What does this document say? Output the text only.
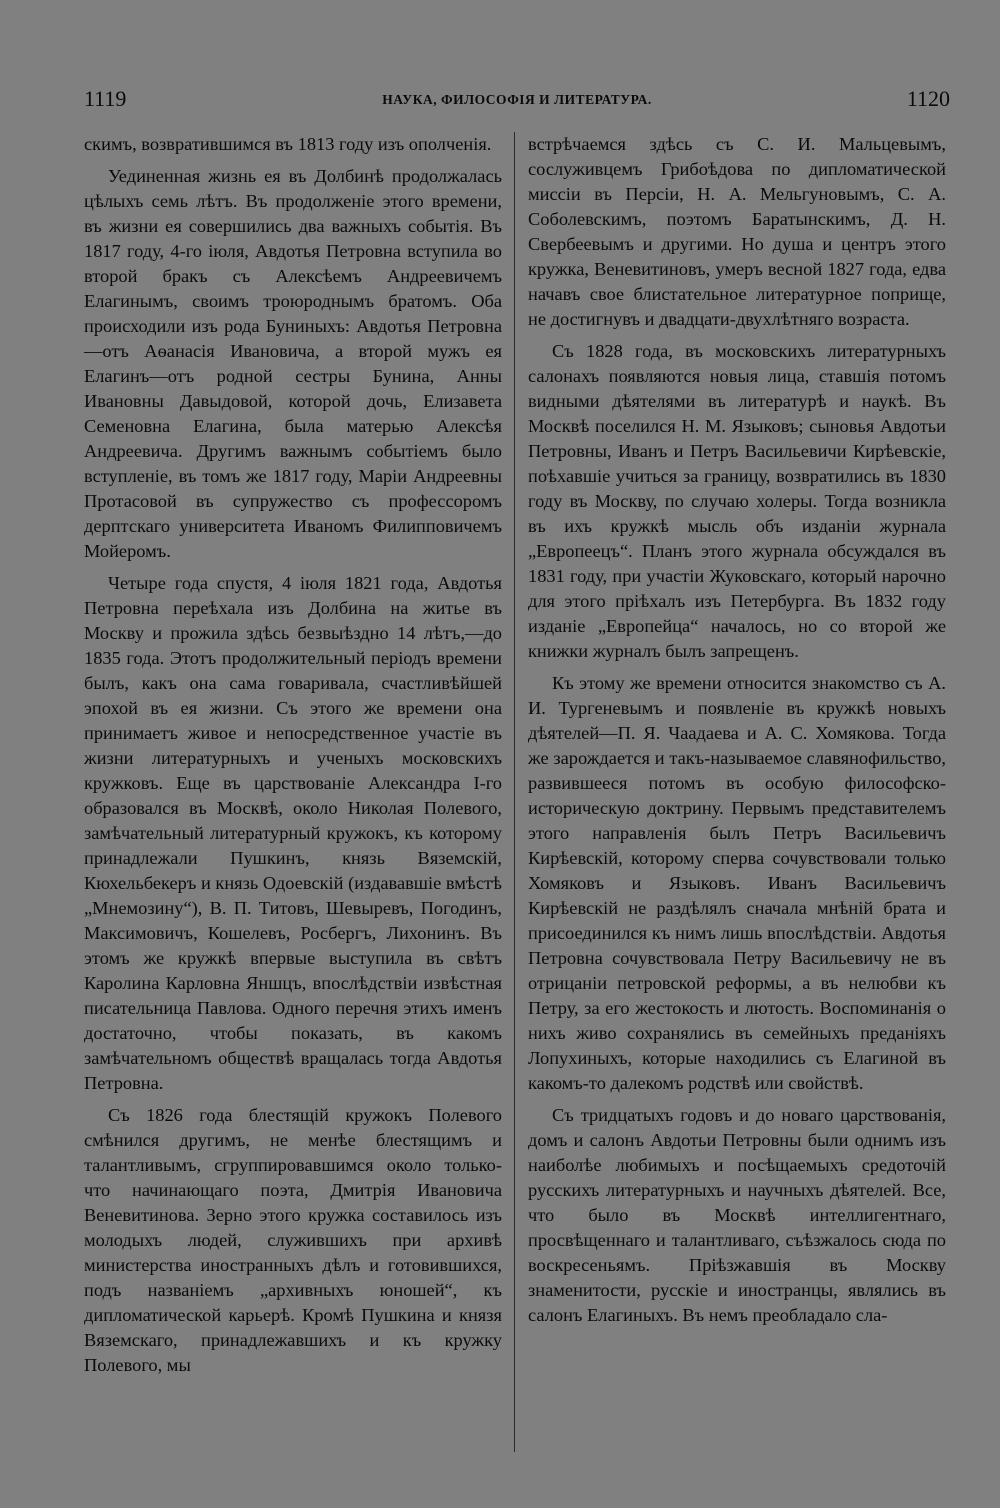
1119	НАУКА, ФИЛОСОФІЯ И ЛИТЕРАТУРА.	1120

скимъ, возвратившимся въ 1813 году изъ ополченія.

Уединенная жизнь ея въ Долбинѣ продолжалась цѣлыхъ семь лѣтъ. Въ продолженіе этого времени, въ жизни ея совершились два важныхъ событія. Въ 1817 году, 4-го іюля, Авдотья Петровна вступила во второй бракъ съ Алексѣемъ Андреевичемъ Елагинымъ, своимъ троюроднымъ братомъ. Оба происходили изъ рода Буниныхъ: Авдотья Петровна—отъ Аѳанасія Ивановича, а второй мужъ ея Елагинъ—отъ родной сестры Бунина, Анны Ивановны Давыдовой, которой дочь, Елизавета Семеновна Елагина, была матерью Алексѣя Андреевича. Другимъ важнымъ событіемъ было вступленіе, въ томъ же 1817 году, Маріи Андреевны Протасовой въ супружество съ профессоромъ дерптскаго университета Иваномъ Филипповичемъ Мойеромъ.

Четыре года спустя, 4 іюля 1821 года, Авдотья Петровна переѣхала изъ Долбина на житье въ Москву и прожила здѣсь безвыѣздно 14 лѣтъ,—до 1835 года. Этотъ продолжительный періодъ времени былъ, какъ она сама говаривала, счастливѣйшей эпохой въ ея жизни. Съ этого же времени она принимаетъ живое и непосредственное участіе въ жизни литературныхъ и ученыхъ московскихъ кружковъ. Еще въ царствованіе Александра I-го образовался въ Москвѣ, около Николая Полевого, замѣчательный литературный кружокъ, къ которому принадлежали Пушкинъ, князь Вяземскій, Кюхельбекеръ и князь Одоевскій (издававшіе вмѣстѣ „Мнемозину“), В. П. Титовъ, Шевыревъ, Погодинъ, Максимовичъ, Кошелевъ, Росбергъ, Лихонинъ. Въ этомъ же кружкѣ впервые выступила въ свѣтъ Каролина Карловна Яншцъ, впослѣдствіи извѣстная писательница Павлова. Одного перечня этихъ именъ достаточно, чтобы показать, въ какомъ замѣчательномъ обществѣ вращалась тогда Авдотья Петровна.

Съ 1826 года блестящій кружокъ Полевого смѣнился другимъ, не менѣе блестящимъ и талантливымъ, сгруппировавшимся около только-что начинающаго поэта, Дмитрія Ивановича Веневитинова. Зерно этого кружка составилось изъ молодыхъ людей, служившихъ при архивѣ министерства иностранныхъ дѣлъ и готовившихся, подъ названіемъ „архивныхъ юношей“, къ дипломатической карьерѣ. Кромѣ Пушкина и князя Вяземскаго, принадлежавшихъ и къ кружку Полевого, мы

встрѣчаемся здѣсь съ С. И. Мальцевымъ, сослуживцемъ Грибоѣдова по дипломатической миссіи въ Персіи, Н. А. Мельгуновымъ, С. А. Соболевскимъ, поэтомъ Баратынскимъ, Д. Н. Свербеевымъ и другими. Но душа и центръ этого кружка, Веневитиновъ, умеръ весной 1827 года, едва начавъ свое блистательное литературное поприще, не достигнувъ и двадцати-двухлѣтняго возраста.

Съ 1828 года, въ московскихъ литературныхъ салонахъ появляются новыя лица, ставшія потомъ видными дѣятелями въ литературѣ и наукѣ. Въ Москвѣ поселился Н. М. Языковъ; сыновья Авдотьи Петровны, Иванъ и Петръ Васильевичи Кирѣевскіе, поѣхавшіе учиться за границу, возвратились въ 1830 году въ Москву, по случаю холеры. Тогда возникла въ ихъ кружкѣ мысль объ изданіи журнала „Европеецъ“. Планъ этого журнала обсуждался въ 1831 году, при участіи Жуковскаго, который нарочно для этого пріѣхалъ изъ Петербурга. Въ 1832 году изданіе „Европейца“ началось, но со второй же книжки журналъ былъ запрещенъ.

Къ этому же времени относится знакомство съ А. И. Тургеневымъ и появленіе въ кружкѣ новыхъ дѣятелей—П. Я. Чаадаева и А. С. Хомякова. Тогда же зарождается и такъ-называемое славянофильство, развившееся потомъ въ особую философско-историческую доктрину. Первымъ представителемъ этого направленія былъ Петръ Васильевичъ Кирѣевскій, которому сперва сочувствовали только Хомяковъ и Языковъ. Иванъ Васильевичъ Кирѣевскій не раздѣлялъ сначала мнѣній брата и присоединился къ нимъ лишь впослѣдствіи. Авдотья Петровна сочувствовала Петру Васильевичу не въ отрицаніи петровской реформы, а въ нелюбви къ Петру, за его жестокость и лютость. Воспоминанія о нихъ живо сохранялись въ семейныхъ преданіяхъ Лопухиныхъ, которые находились съ Елагиной въ какомъ-то далекомъ родствѣ или свойствѣ.

Съ тридцатыхъ годовъ и до новаго царствованія, домъ и салонъ Авдотьи Петровны были однимъ изъ наиболѣе любимыхъ и посѣщаемыхъ средоточій русскихъ литературныхъ и научныхъ дѣятелей. Все, что было въ Москвѣ интеллигентнаго, просвѣщеннаго и талантливаго, съѣзжалось сюда по воскресеньямъ. Пріѣзжавшія въ Москву знаменитости, русскіе и иностранцы, являлись въ салонъ Елагиныхъ. Въ немъ преобладало сла-
